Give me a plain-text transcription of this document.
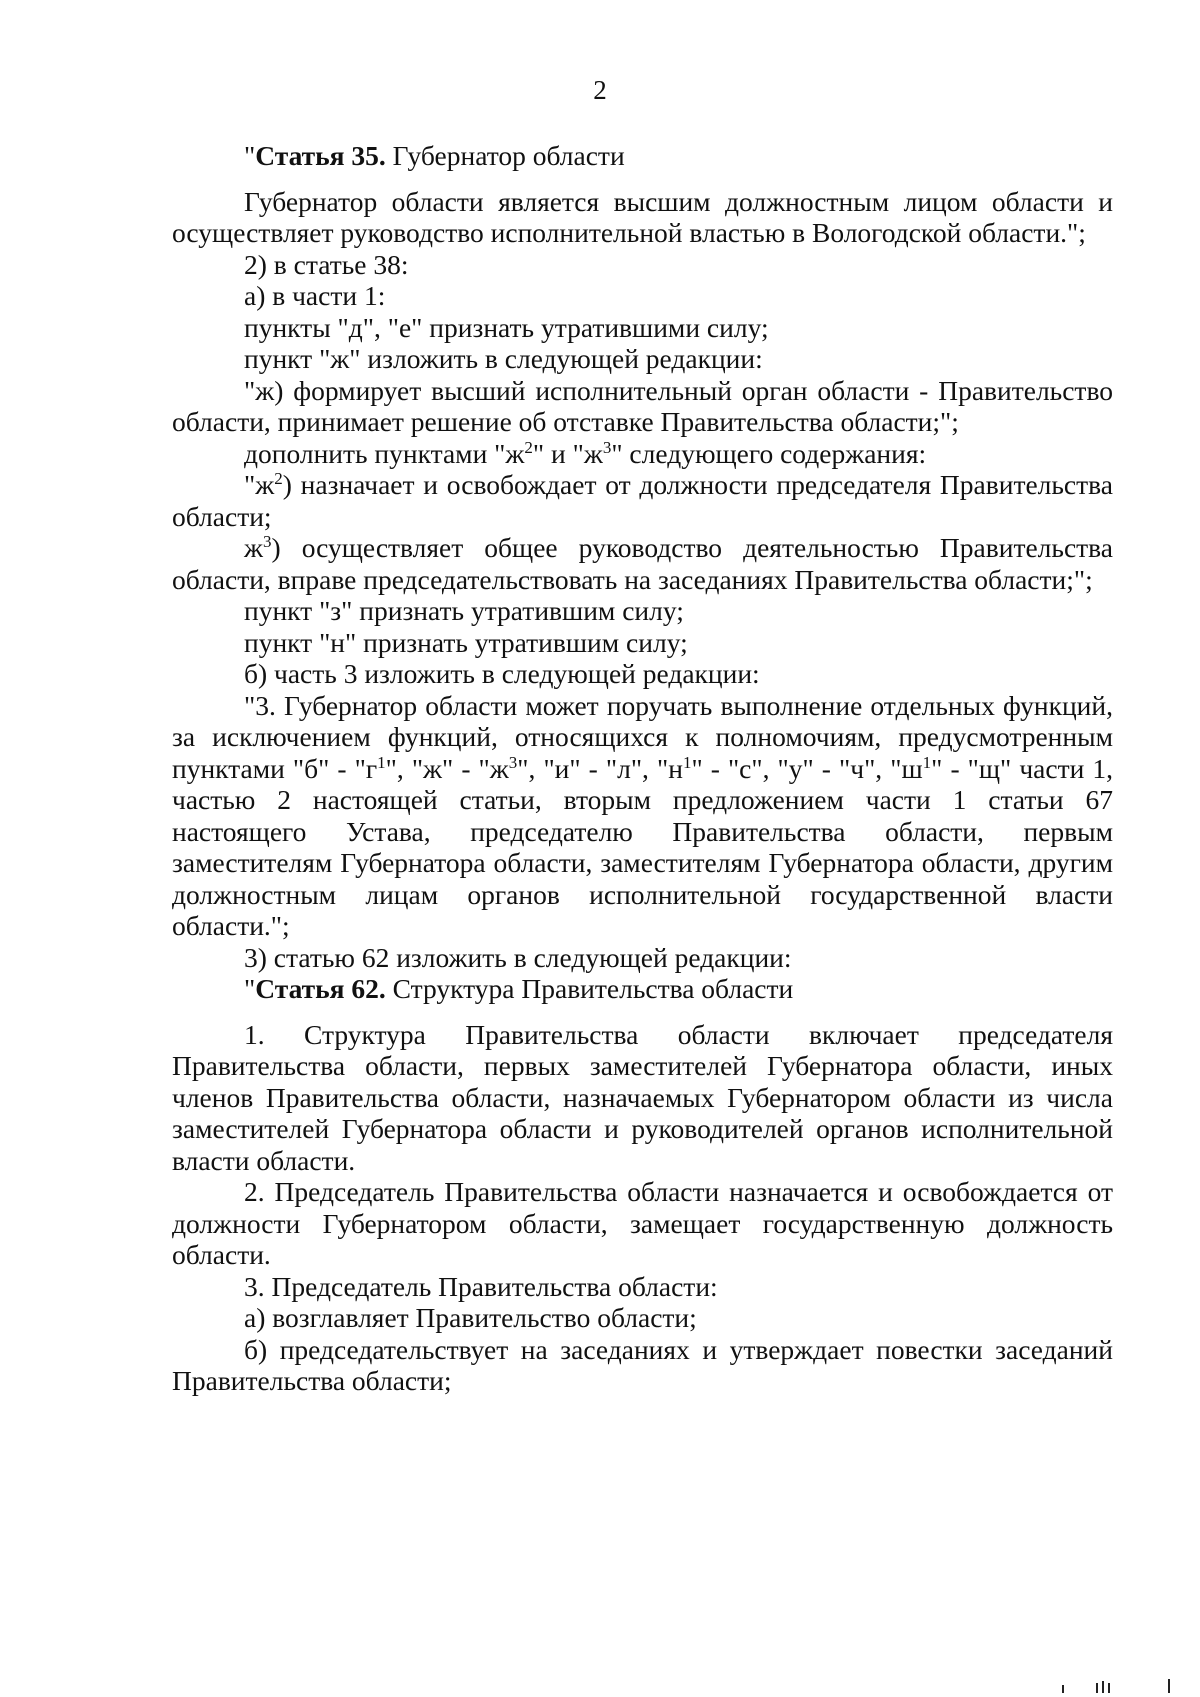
2

"Статья 35. Губернатор области

Губернатор области является высшим должностным лицом области и осуществляет руководство исполнительной властью в Вологодской области.";

2) в статье 38:

а) в части 1:

пункты "д", "е" признать утратившими силу;

пункт "ж" изложить в следующей редакции:

"ж) формирует высший исполнительный орган области - Правительство области, принимает решение об отставке Правительства области;";

дополнить пунктами "$ж^2$" и "$ж^3$" следующего содержания:

"$ж^2$) назначает и освобождает от должности председателя Правительства области;

$ж^3$) осуществляет общее руководство деятельностью Правительства области, вправе председательствовать на заседаниях Правительства области;";

пункт "з" признать утратившим силу;

пункт "н" признать утратившим силу;

б) часть 3 изложить в следующей редакции:

"3. Губернатор области может поручать выполнение отдельных функций, за исключением функций, относящихся к полномочиям, предусмотренным пунктами "б" - "$г^1$", "ж" - "$ж^3$", "и" - "л", "$н^1$" - "с", "у" - "ч", "$ш^1$" - "щ" части 1, частью 2 настоящей статьи, вторым предложением части 1 статьи 67 настоящего Устава, председателю Правительства области, первым заместителям Губернатора области, заместителям Губернатора области, другим должностным лицам органов исполнительной государственной власти области.";

3) статью 62 изложить в следующей редакции:

"Статья 62. Структура Правительства области

1. Структура Правительства области включает председателя Правительства области, первых заместителей Губернатора области, иных членов Правительства области, назначаемых Губернатором области из числа заместителей Губернатора области и руководителей органов исполнительной власти области.

2. Председатель Правительства области назначается и освобождается от должности Губернатором области, замещает государственную должность области.

3. Председатель Правительства области:

а) возглавляет Правительство области;

б) председательствует на заседаниях и утверждает повестки заседаний Правительства области;
